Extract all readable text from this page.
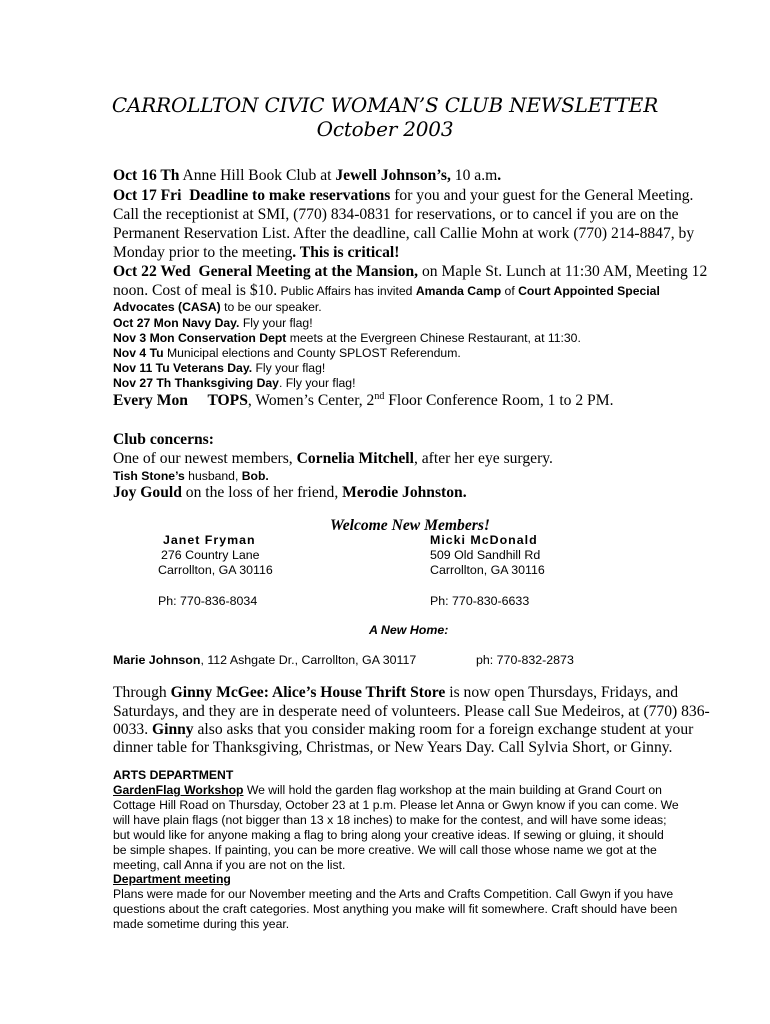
CARROLLTON CIVIC WOMAN’S CLUB NEWSLETTER
October 2003
Oct 16 Th Anne Hill Book Club at Jewell Johnson’s, 10 a.m.
Oct 17 Fri Deadline to make reservations for you and your guest for the General Meeting.
Call the receptionist at SMI, (770) 834-0831 for reservations, or to cancel if you are on the
Permanent Reservation List. After the deadline, call Callie Mohn at work (770) 214-8847, by
Monday prior to the meeting. This is critical!
Oct 22 Wed General Meeting at the Mansion, on Maple St. Lunch at 11:30 AM, Meeting 12
noon. Cost of meal is $10. Public Affairs has invited Amanda Camp of Court Appointed Special
Advocates (CASA) to be our speaker.
Oct 27 Mon Navy Day. Fly your flag!
Nov 3 Mon Conservation Dept meets at the Evergreen Chinese Restaurant, at 11:30.
Nov 4 Tu Municipal elections and County SPLOST Referendum.
Nov 11 Tu Veterans Day. Fly your flag!
Nov 27 Th Thanksgiving Day. Fly your flag!
Every Mon TOPS, Women’s Center, 2nd Floor Conference Room, 1 to 2 PM.
Club concerns:
One of our newest members, Cornelia Mitchell, after her eye surgery.
Tish Stone’s husband, Bob.
Joy Gould on the loss of her friend, Merodie Johnston.
Welcome New Members!
Janet Fryman
276 Country Lane
Carrollton, GA 30116
Ph: 770-836-8034
Micki McDonald
509 Old Sandhill Rd
Carrollton, GA 30116
Ph: 770-830-6633
A New Home:
Marie Johnson, 112 Ashgate Dr., Carrollton, GA 30117	ph: 770-832-2873
Through Ginny McGee: Alice’s House Thrift Store is now open Thursdays, Fridays, and
Saturdays, and they are in desperate need of volunteers. Please call Sue Medeiros, at (770) 836-
0033. Ginny also asks that you consider making room for a foreign exchange student at your
dinner table for Thanksgiving, Christmas, or New Years Day. Call Sylvia Short, or Ginny.
ARTS DEPARTMENT
GardenFlag Workshop We will hold the garden flag workshop at the main building at Grand Court on
Cottage Hill Road on Thursday, October 23 at 1 p.m. Please let Anna or Gwyn know if you can come. We
will have plain flags (not bigger than 13 x 18 inches) to make for the contest, and will have some ideas;
but would like for anyone making a flag to bring along your creative ideas. If sewing or gluing, it should
be simple shapes. If painting, you can be more creative. We will call those whose name we got at the
meeting, call Anna if you are not on the list.
Department meeting
Plans were made for our November meeting and the Arts and Crafts Competition. Call Gwyn if you have
questions about the craft categories. Most anything you make will fit somewhere. Craft should have been
made sometime during this year.
